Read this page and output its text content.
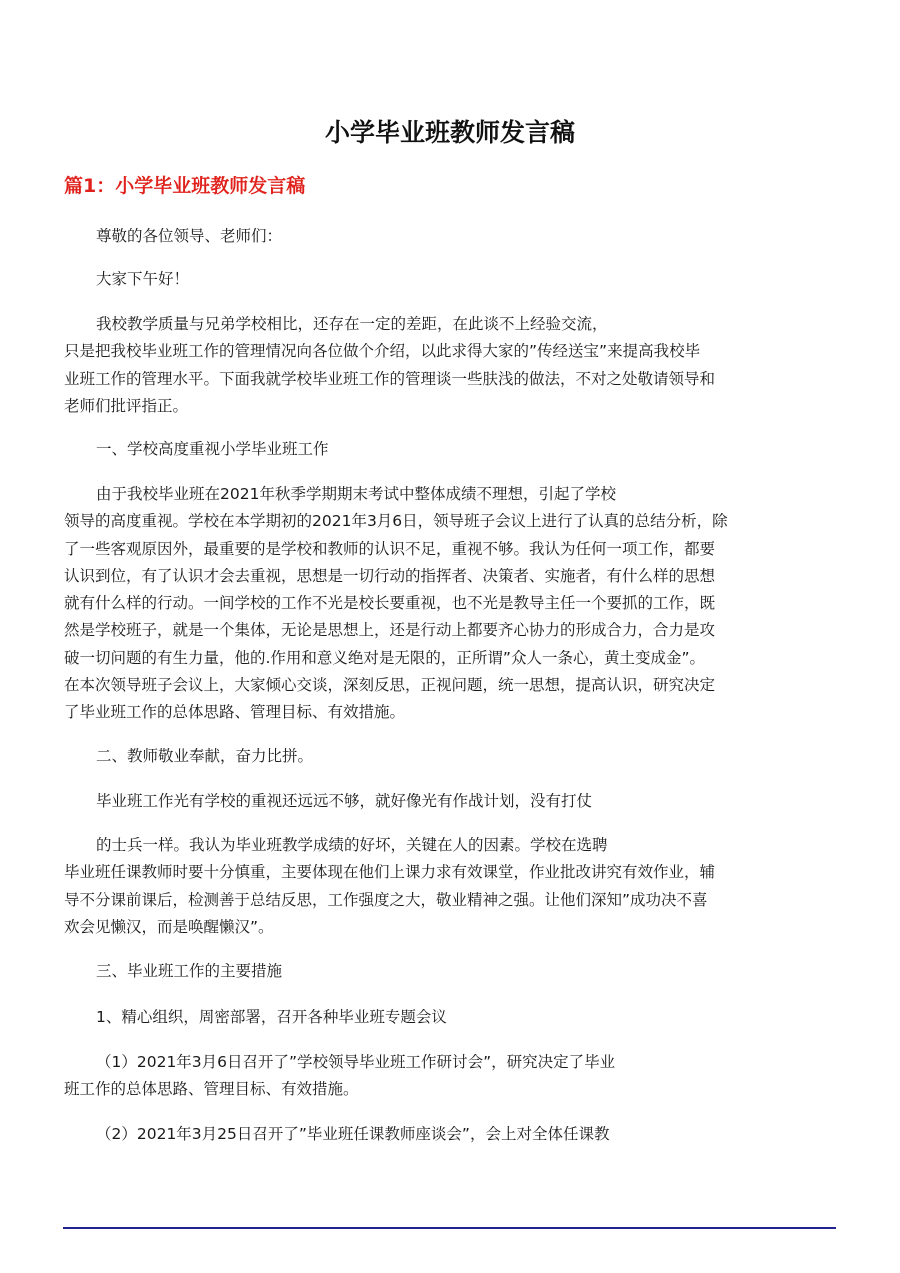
小学毕业班教师发言稿
篇1：小学毕业班教师发言稿
尊敬的各位领导、老师们：
大家下午好！
我校教学质量与兄弟学校相比，还存在一定的差距，在此谈不上经验交流，
只是把我校毕业班工作的管理情况向各位做个介绍，以此求得大家的”传经送宝”来提高我校毕
业班工作的管理水平。下面我就学校毕业班工作的管理谈一些肤浅的做法，不对之处敬请领导和
老师们批评指正。
一、学校高度重视小学毕业班工作
由于我校毕业班在2021年秋季学期期末考试中整体成绩不理想，引起了学校
领导的高度重视。学校在本学期初的2021年3月6日，领导班子会议上进行了认真的总结分析，除
了一些客观原因外，最重要的是学校和教师的认识不足，重视不够。我认为任何一项工作，都要
认识到位，有了认识才会去重视，思想是一切行动的指挥者、决策者、实施者，有什么样的思想
就有什么样的行动。一间学校的工作不光是校长要重视，也不光是教导主任一个要抓的工作，既
然是学校班子，就是一个集体，无论是思想上，还是行动上都要齐心协力的形成合力，合力是攻
破一切问题的有生力量，他的.作用和意义绝对是无限的，正所谓”众人一条心，黄土变成金”。
在本次领导班子会议上，大家倾心交谈，深刻反思，正视问题，统一思想，提高认识，研究决定
了毕业班工作的总体思路、管理目标、有效措施。
二、教师敬业奉献，奋力比拼。
毕业班工作光有学校的重视还远远不够，就好像光有作战计划，没有打仗
的士兵一样。我认为毕业班教学成绩的好坏，关键在人的因素。学校在选聘
毕业班任课教师时要十分慎重，主要体现在他们上课力求有效课堂，作业批改讲究有效作业，辅
导不分课前课后，检测善于总结反思，工作强度之大，敬业精神之强。让他们深知”成功决不喜
欢会见懒汉，而是唤醒懒汉”。
三、毕业班工作的主要措施
1、精心组织，周密部署，召开各种毕业班专题会议
（1）2021年3月6日召开了”学校领导毕业班工作研讨会”，研究决定了毕业
班工作的总体思路、管理目标、有效措施。
（2）2021年3月25日召开了”毕业班任课教师座谈会”，会上对全体任课教
